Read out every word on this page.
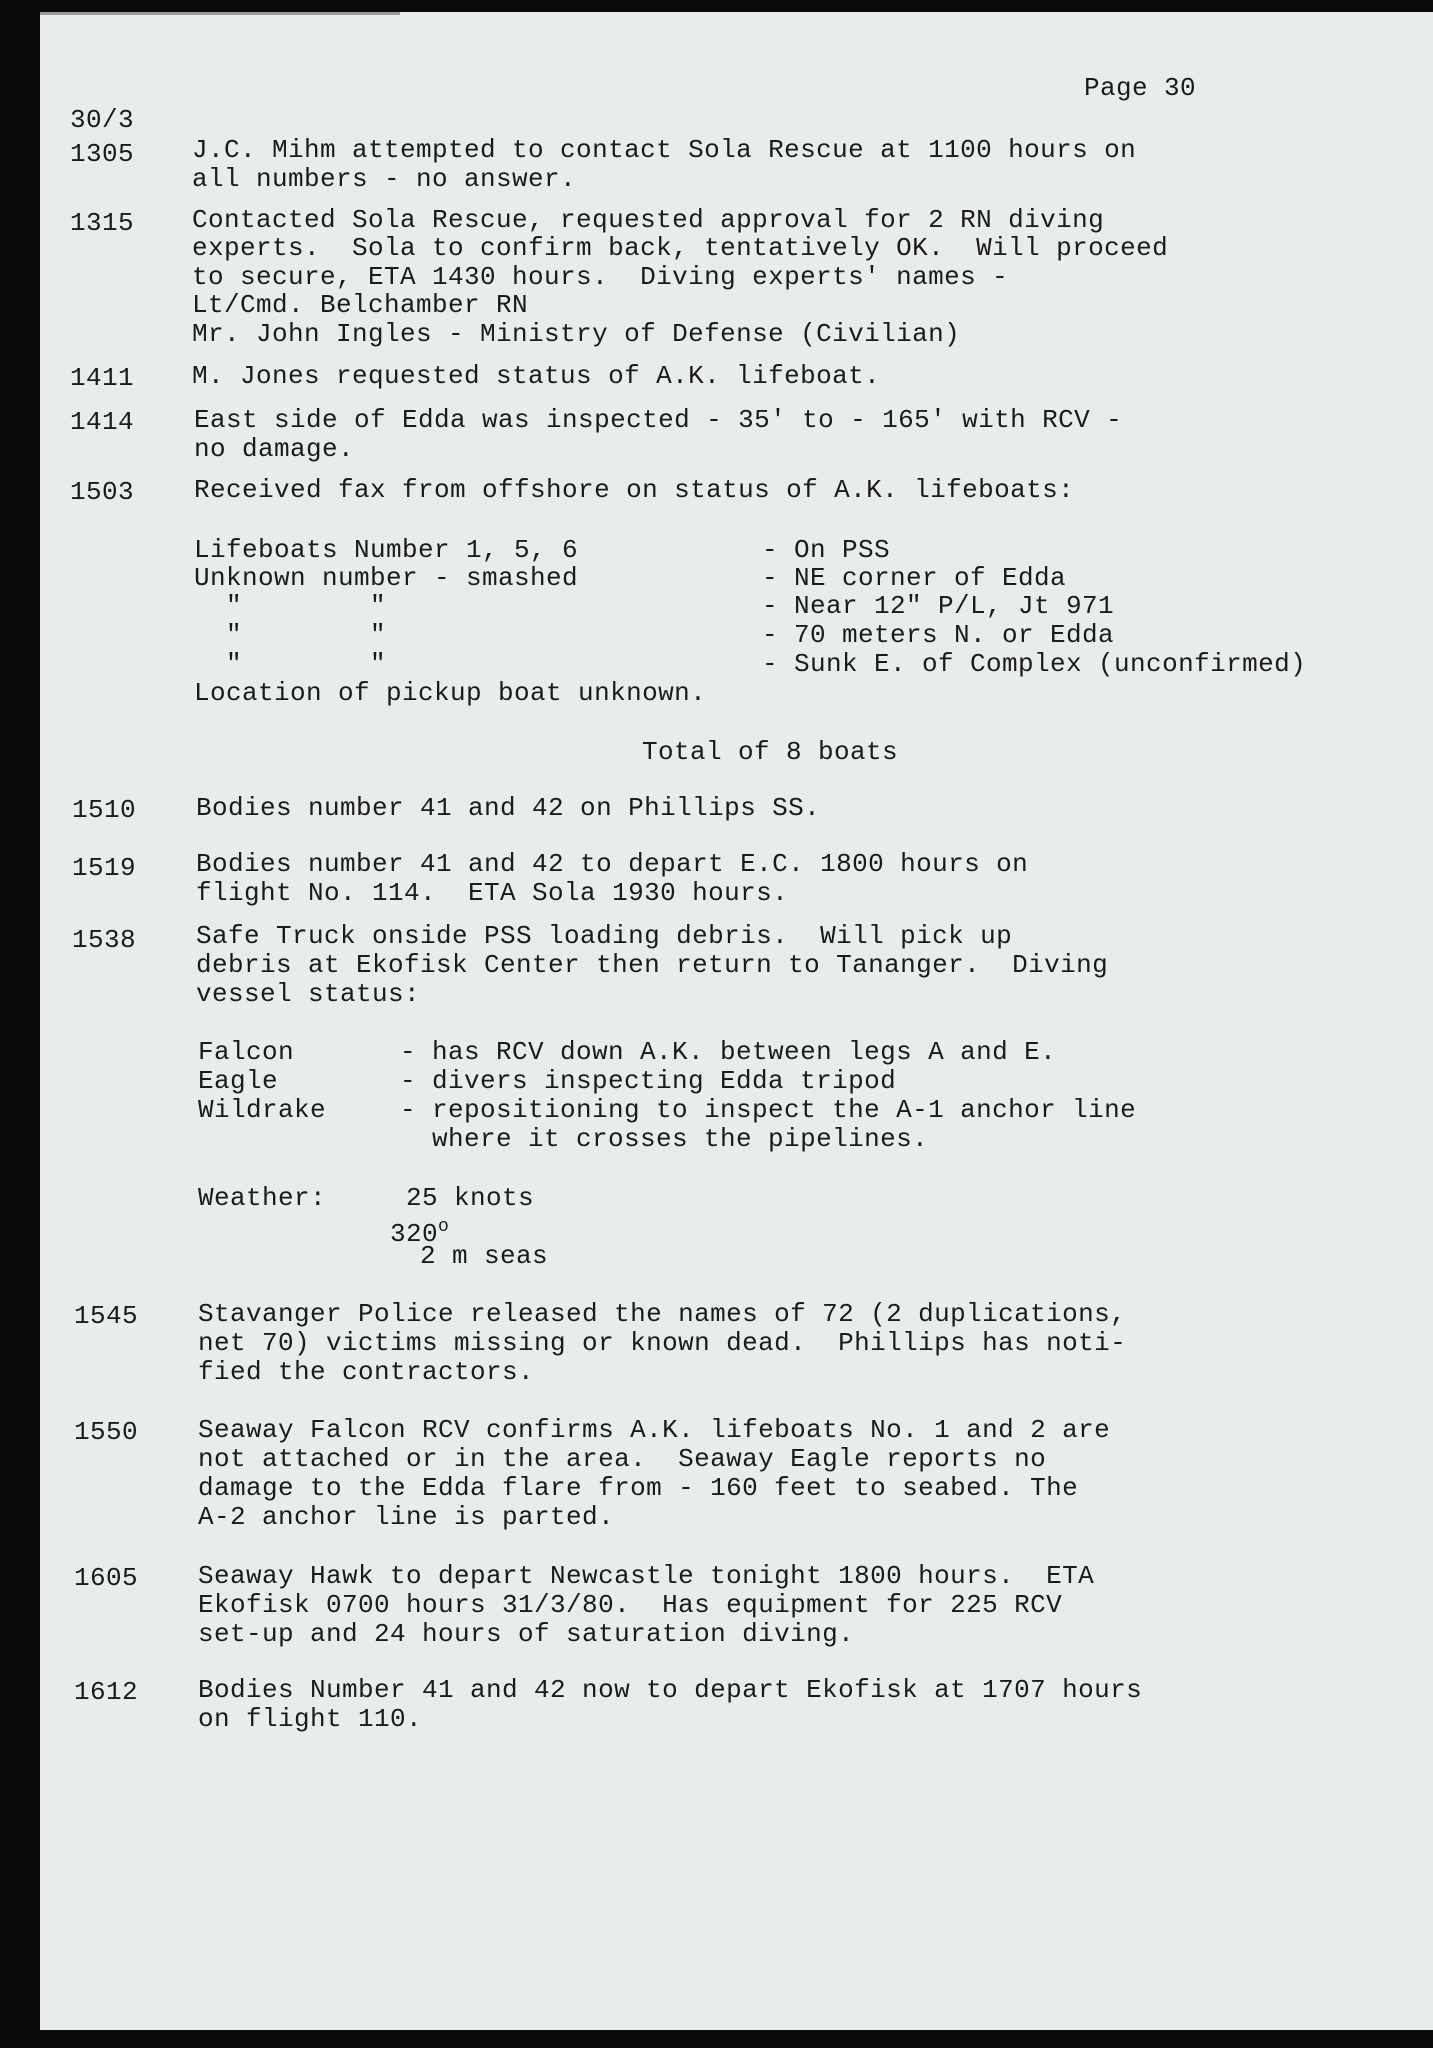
Page 30
30/3
1305 J.C. Mihm attempted to contact Sola Rescue at 1100 hours on
all numbers - no answer.
1315 Contacted Sola Rescue, requested approval for 2 RN diving
experts.  Sola to confirm back, tentatively OK.  Will proceed
to secure, ETA 1430 hours.  Diving experts' names -
Lt/Cmd. Belchamber RN
Mr. John Ingles - Ministry of Defense (Civilian)
1411 M. Jones requested status of A.K. lifeboat.
1414 East side of Edda was inspected - 35' to - 165' with RCV -
no damage.
1503 Received fax from offshore on status of A.K. lifeboats:
Lifeboats Number 1, 5, 6	- On PSS
Unknown number - smashed	- NE corner of Edda
"        "	- Near 12" P/L, Jt 971
"        "	- 70 meters N. or Edda
"        "	- Sunk E. of Complex (unconfirmed)
Location of pickup boat unknown.
Total of 8 boats
1510 Bodies number 41 and 42 on Phillips SS.
1519 Bodies number 41 and 42 to depart E.C. 1800 hours on
flight No. 114.  ETA Sola 1930 hours.
1538 Safe Truck onside PSS loading debris.  Will pick up
debris at Ekofisk Center then return to Tananger.  Diving
vessel status:
Falcon	- has RCV down A.K. between legs A and E.
Eagle	- divers inspecting Edda tripod
Wildrake	- repositioning to inspect the A-1 anchor line
where it crosses the pipelines.
Weather:	25 knots
320$^o$
2 m seas
1545 Stavanger Police released the names of 72 (2 duplications,
net 70) victims missing or known dead.  Phillips has noti-
fied the contractors.
1550 Seaway Falcon RCV confirms A.K. lifeboats No. 1 and 2 are
not attached or in the area.  Seaway Eagle reports no
damage to the Edda flare from - 160 feet to seabed. The
A-2 anchor line is parted.
1605 Seaway Hawk to depart Newcastle tonight 1800 hours.  ETA
Ekofisk 0700 hours 31/3/80.  Has equipment for 225 RCV
set-up and 24 hours of saturation diving.
1612 Bodies Number 41 and 42 now to depart Ekofisk at 1707 hours
on flight 110.
